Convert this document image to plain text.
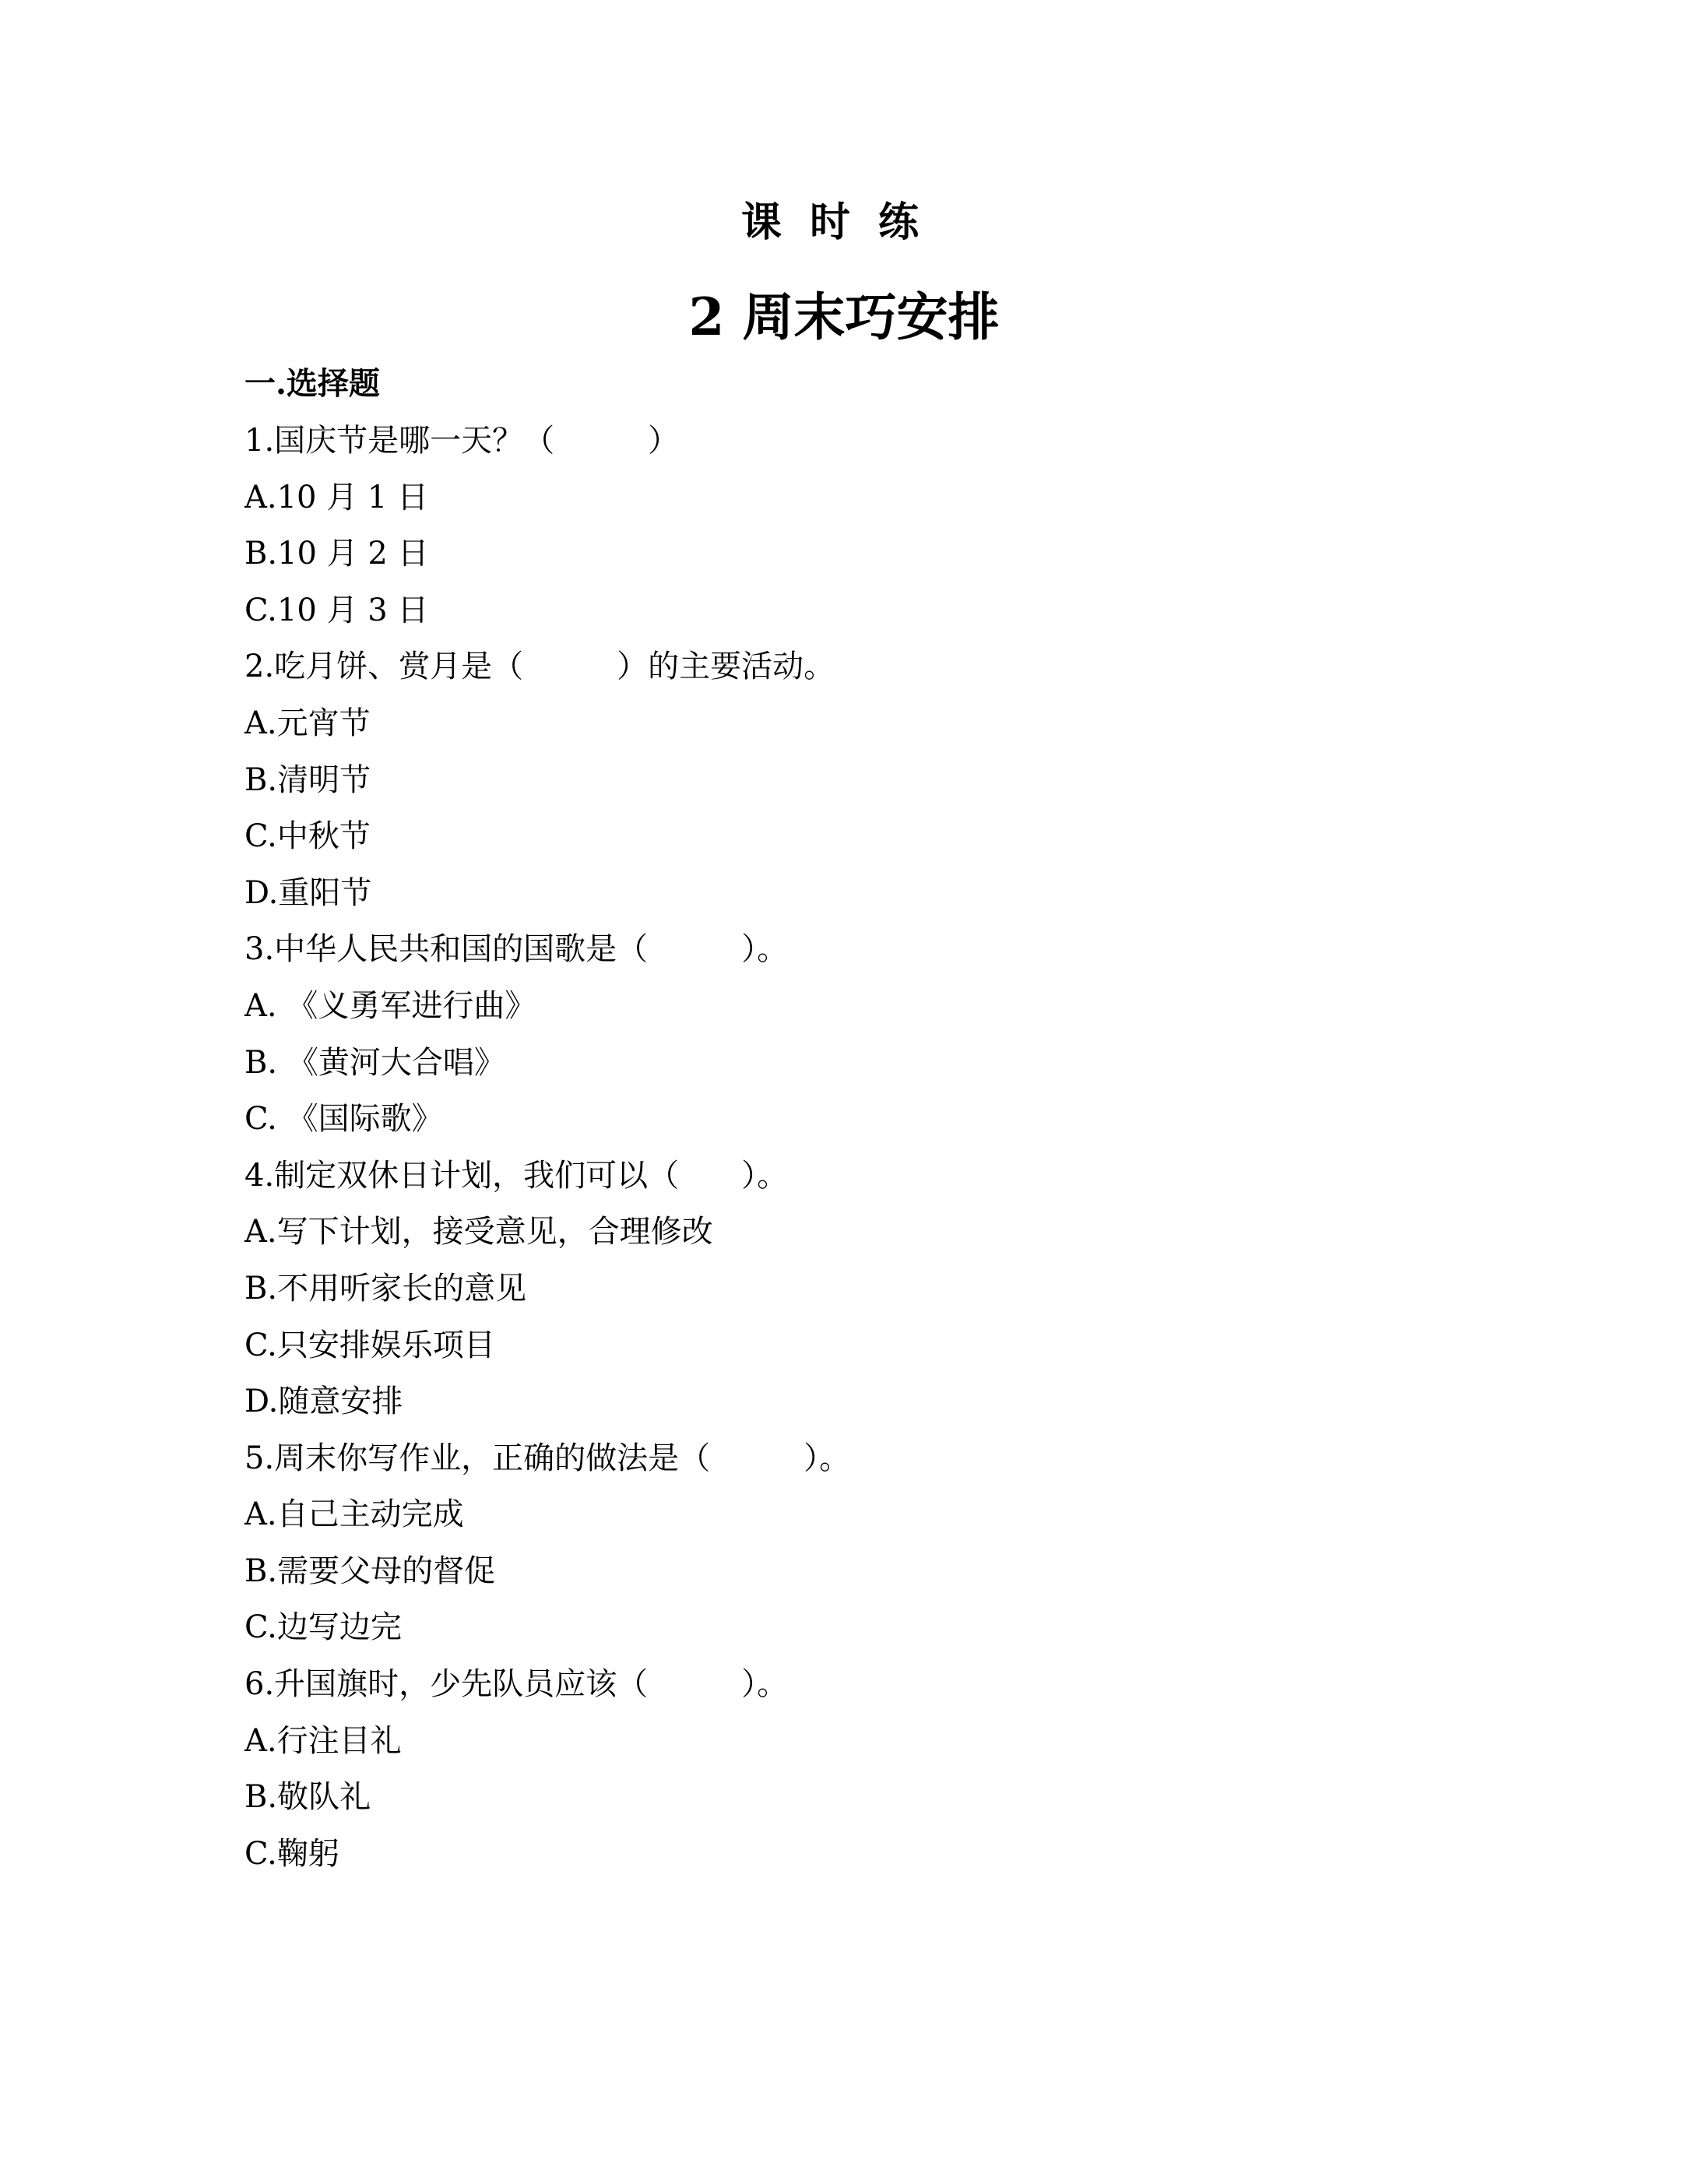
课时练
2 周末巧安排
一.选择题
1.国庆节是哪一天？（　　　）
A.10 月 1 日
B.10 月 2 日
C.10 月 3 日
2.吃月饼、赏月是（　　　）的主要活动。
A.元宵节
B.清明节
C.中秋节
D.重阳节
3.中华人民共和国的国歌是（　　　）。
A. 《义勇军进行曲》
B. 《黄河大合唱》
C. 《国际歌》
4.制定双休日计划，我们可以（　　）。
A.写下计划，接受意见，合理修改
B.不用听家长的意见
C.只安排娱乐项目
D.随意安排
5.周末你写作业，正确的做法是（　　　）。
A.自己主动完成
B.需要父母的督促
C.边写边完
6.升国旗时，少先队员应该（　　　）。
A.行注目礼
B.敬队礼
C.鞠躬
